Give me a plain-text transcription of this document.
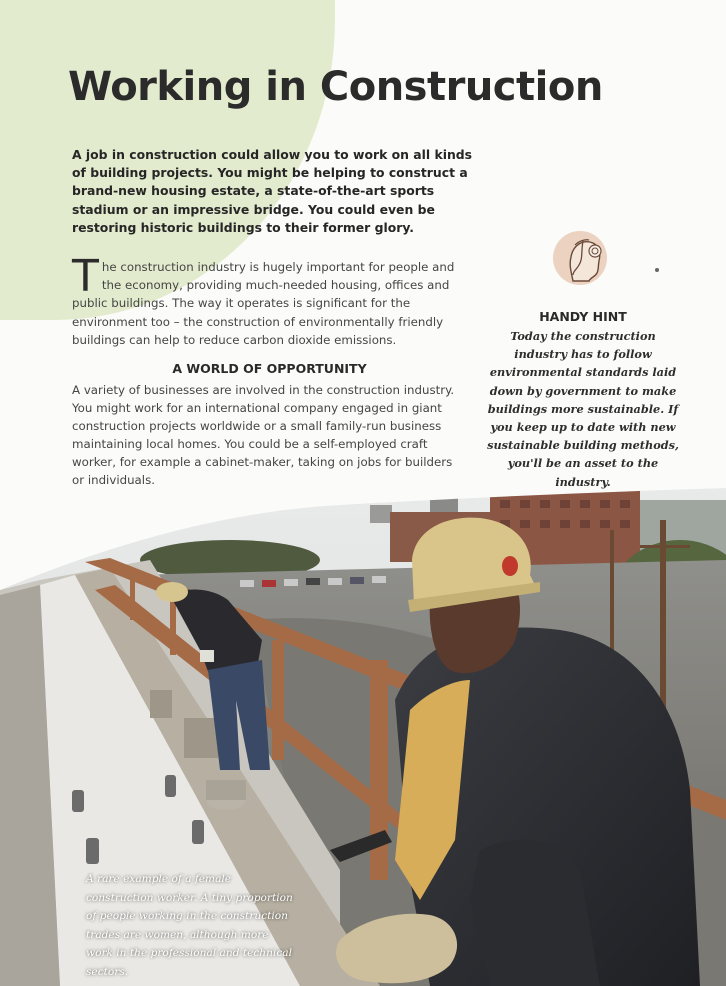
Working in Construction

A job in construction could allow you to work on all kinds of building projects. You might be helping to construct a brand-new housing estate, a state-of-the-art sports stadium or an impressive bridge. You could even be restoring historic buildings to their former glory.

The construction industry is hugely important for people and the economy, providing much-needed housing, offices and public buildings. The way it operates is significant for the environment too – the construction of environmentally friendly buildings can help to reduce carbon dioxide emissions.

A WORLD OF OPPORTUNITY

A variety of businesses are involved in the construction industry. You might work for an international company engaged in giant construction projects worldwide or a small family-run business maintaining local homes. You could be a self-employed craft worker, for example a cabinet-maker, taking on jobs for builders or individuals.

HANDY HINT

Today the construction industry has to follow environmental standards laid down by government to make buildings more sustainable. If you keep up to date with new sustainable building methods, you'll be an asset to the industry.

A rare example of a female construction worker. A tiny proportion of people working in the construction trades are women, although more work in the professional and technical sectors.
